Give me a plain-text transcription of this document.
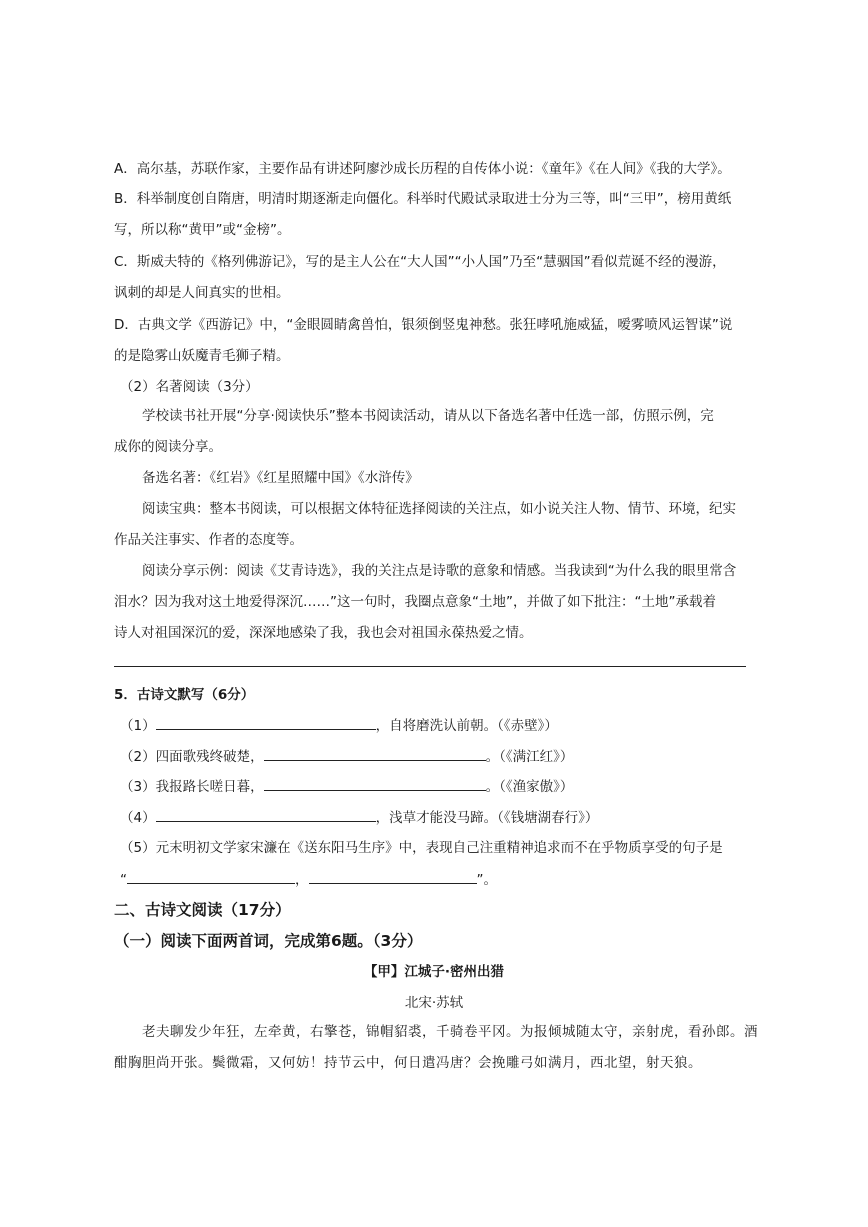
A．高尔基，苏联作家，主要作品有讲述阿廖沙成长历程的自传体小说：《童年》《在人间》《我的大学》。
B．科举制度创自隋唐，明清时期逐渐走向僵化。科举时代殿试录取进士分为三等，叫“三甲”，榜用黄纸
写，所以称“黄甲”或“金榜”。
C．斯威夫特的《格列佛游记》，写的是主人公在“大人国”“小人国”乃至“慧骃国”看似荒诞不经的漫游，
讽刺的却是人间真实的世相。
D．古典文学《西游记》中，“金眼圆睛禽兽怕，银须倒竖鬼神愁。张狂哮吼施威猛，嗳雾喷风运智谋”说
的是隐雾山妖魔青毛狮子精。
（2）名著阅读（3分）
学校读书社开展“分享·阅读快乐”整本书阅读活动，请从以下备选名著中任选一部，仿照示例，完
成你的阅读分享。
备选名著：《红岩》《红星照耀中国》《水浒传》
阅读宝典：整本书阅读，可以根据文体特征选择阅读的关注点，如小说关注人物、情节、环境，纪实
作品关注事实、作者的态度等。
阅读分享示例：阅读《艾青诗选》，我的关注点是诗歌的意象和情感。当我读到“为什么我的眼里常含
泪水？因为我对这土地爱得深沉……”这一句时，我圈点意象“土地”，并做了如下批注：“土地”承载着
诗人对祖国深沉的爱，深深地感染了我，我也会对祖国永葆热爱之情。
5．古诗文默写（6分）
（1）	，自将磨洗认前朝。（《赤壁》）
（2）四面歌残终破楚，	。（《满江红》）
（3）我报路长嗟日暮，	。（《渔家傲》）
（4）	，浅草才能没马蹄。（《钱塘湖春行》）
（5）元末明初文学家宋濂在《送东阳马生序》中，表现自己注重精神追求而不在乎物质享受的句子是
“	，	”。
二、古诗文阅读（17分）
（一）阅读下面两首词，完成第6题。（3分）
【甲】江城子·密州出猎
北宋·苏轼
老夫聊发少年狂，左牵黄，右擎苍，锦帽貂裘，千骑卷平冈。为报倾城随太守，亲射虎，看孙郎。酒
酣胸胆尚开张。鬓微霜，又何妨！持节云中，何日遣冯唐？会挽雕弓如满月，西北望，射天狼。
